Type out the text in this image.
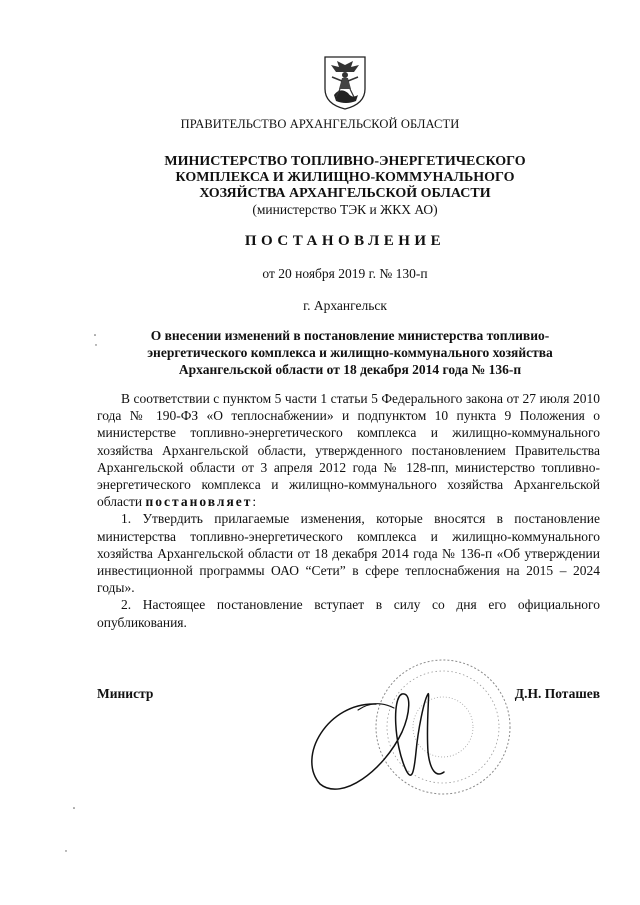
ПРАВИТЕЛЬСТВО АРХАНГЕЛЬСКОЙ ОБЛАСТИ
МИНИСТЕРСТВО ТОПЛИВНО-ЭНЕРГЕТИЧЕСКОГО
КОМПЛЕКСА И ЖИЛИЩНО-КОММУНАЛЬНОГО
ХОЗЯЙСТВА АРХАНГЕЛЬСКОЙ ОБЛАСТИ
(министерство ТЭК и ЖКХ АО)
ПОСТАНОВЛЕНИЕ
от 20 ноября 2019 г. № 130-п
г. Архангельск
О внесении изменений в постановление министерства топливио-
энергетического комплекса и жилищно-коммунального хозяйства
Архангельской области от 18 декабря 2014 года № 136-п

В соответствии с пунктом 5 части 1 статьи 5 Федерального закона от 27 июля 2010 года № 190-ФЗ «О теплоснабжении» и подпунктом 10 пункта 9 Положения о министерстве топливно-энергетического комплекса и жилищно-коммунального хозяйства Архангельской области, утвержденного постановлением Правительства Архангельской области от 3 апреля 2012 года № 128-пп, министерство топливно-энергетического комплекса и жилищно-коммунального хозяйства Архангельской области постановляет:

1. Утвердить прилагаемые изменения, которые вносятся в постановление министерства топливно-энергетического комплекса и жилищно-коммунального хозяйства Архангельской области от 18 декабря 2014 года № 136-п «Об утверждении инвестиционной программы ОАО “Сети” в сфере теплоснабжения на 2015 – 2024 годы».

2. Настоящее постановление вступает в силу со дня его официального опубликования.

Министр	Д.Н. Поташев
